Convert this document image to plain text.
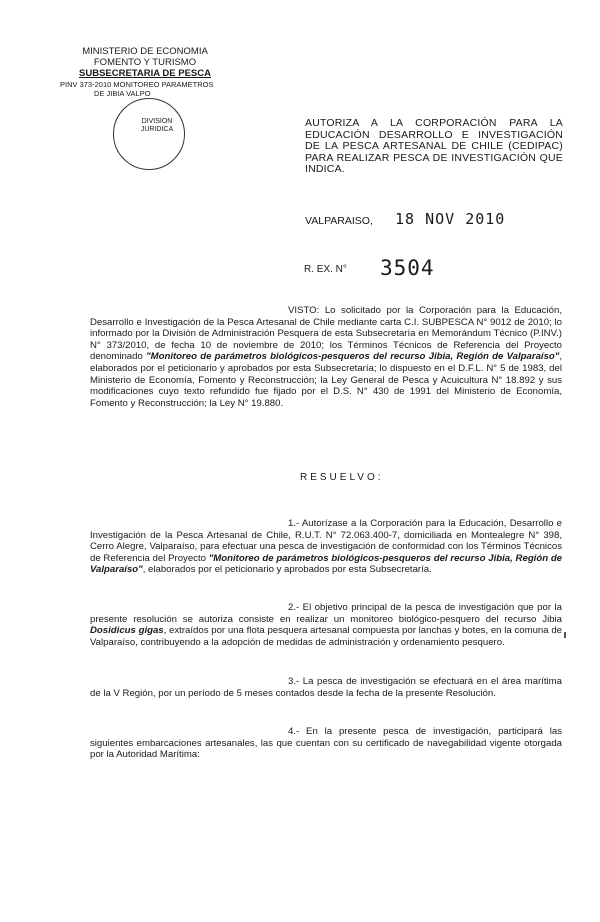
MINISTERIO DE ECONOMIA
FOMENTO Y TURISMO
SUBSECRETARIA DE PESCA
PINV 373-2010 MONITOREO PARAMETROS
DE JIBIA VALPO
DIVISION
JURIDICA
AUTORIZA A LA CORPORACIÓN PARA LA EDUCACIÓN DESARROLLO E INVESTIGACIÓN DE LA PESCA ARTESANAL DE CHILE (CEDIPAC) PARA REALIZAR PESCA DE INVESTIGACIÓN QUE INDICA.
VALPARAISO, 18 NOV 2010
R. EX. N° 3504
VISTO: Lo solicitado por la Corporación para la Educación, Desarrollo e Investigación de la Pesca Artesanal de Chile mediante carta C.I. SUBPESCA N° 9012 de 2010; lo informado por la División de Administración Pesquera de esta Subsecretaría en Memorándum Técnico (P.INV.) N° 373/2010, de fecha 10 de noviembre de 2010; los Términos Técnicos de Referencia del Proyecto denominado "Monitoreo de parámetros biológicos-pesqueros del recurso Jibia, Región de Valparaíso", elaborados por el peticionario y aprobados por esta Subsecretaría; lo dispuesto en el D.F.L. N° 5 de 1983, del Ministerio de Economía, Fomento y Reconstrucción; la Ley General de Pesca y Acuicultura N° 18.892 y sus modificaciones cuyo texto refundido fue fijado por el D.S. N° 430 de 1991 del Ministerio de Economía, Fomento y Reconstrucción; la Ley N° 19.880.
RESUELVO:
1.- Autorízase a la Corporación para la Educación, Desarrollo e Investigación de la Pesca Artesanal de Chile, R.U.T. N° 72.063.400-7, domiciliada en Montealegre N° 398, Cerro Alegre, Valparaíso, para efectuar una pesca de investigación de conformidad con los Términos Técnicos de Referencia del Proyecto "Monitoreo de parámetros biológicos-pesqueros del recurso Jibia, Región de Valparaíso", elaborados por el peticionario y aprobados por esta Subsecretaría.
2.- El objetivo principal de la pesca de investigación que por la presente resolución se autoriza consiste en realizar un monitoreo biológico-pesquero del recurso Jibia Dosidicus gigas, extraídos por una flota pesquera artesanal compuesta por lanchas y botes, en la comuna de Valparaíso, contribuyendo a la adopción de medidas de administración y ordenamiento pesquero.
3.- La pesca de investigación se efectuará en el área marítima de la V Región, por un período de 5 meses contados desde la fecha de la presente Resolución.
4.- En la presente pesca de investigación, participará las siguientes embarcaciones artesanales, las que cuentan con su certificado de navegabilidad vigente otorgada por la Autoridad Marítima:
